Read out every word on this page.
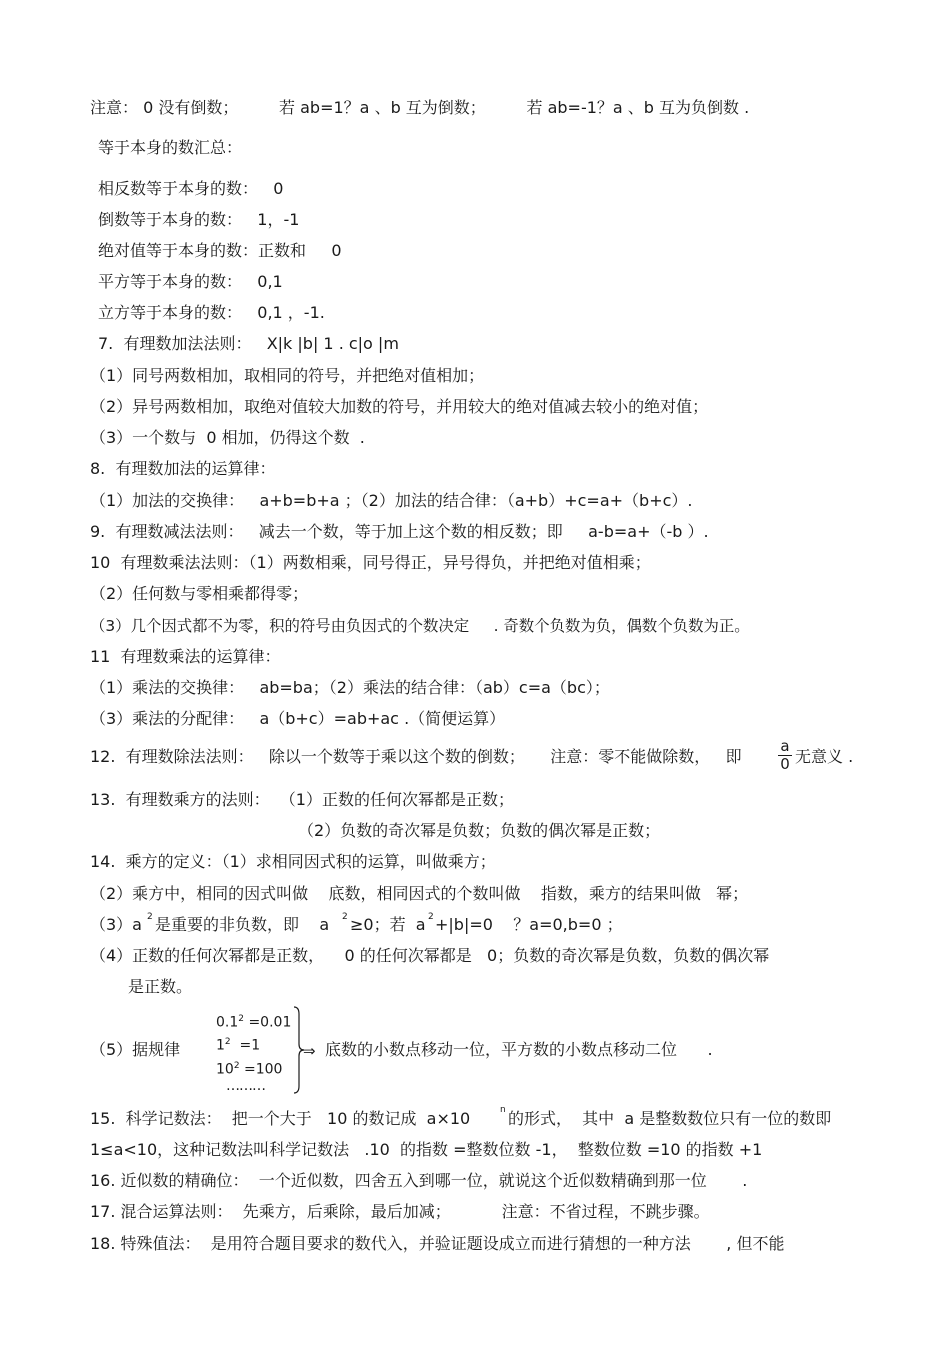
注意： 0 没有倒数；        若 ab=1？a 、b 互为倒数；        若 ab=-1？a 、b 互为负倒数 .
等于本身的数汇总：
相反数等于本身的数：   0
倒数等于本身的数：   1，-1
绝对值等于本身的数：正数和     0
平方等于本身的数：   0,1
立方等于本身的数：   0,1 ，-1.
7.  有理数加法法则：   X|k |b| 1 . c|o |m
（1）同号两数相加，取相同的符号，并把绝对值相加；
（2）异号两数相加，取绝对值较大加数的符号，并用较大的绝对值减去较小的绝对值；
（3）一个数与  0 相加，仍得这个数  .
8.  有理数加法的运算律：
（1）加法的交换律：   a+b=b+a ；（2）加法的结合律：（a+b）+c=a+（b+c）.
9.  有理数减法法则：   减去一个数，等于加上这个数的相反数；即     a-b=a+（-b ）.
10  有理数乘法法则：（1）两数相乘，同号得正，异号得负，并把绝对值相乘；
（2）任何数与零相乘都得零；
（3）几个因式都不为零，积的符号由负因式的个数决定     . 奇数个负数为负，偶数个负数为正。
11  有理数乘法的运算律：
（1）乘法的交换律：   ab=ba；（2）乘法的结合律：（ab）c=a（bc）；
（3）乘法的分配律：   a（b+c）=ab+ac .（简便运算）
12.  有理数除法法则：   除以一个数等于乘以这个数的倒数；     注意：零不能做除数，   即
a
0 无意义 .
13.  有理数乘方的法则：  （1）正数的任何次幂都是正数；
（2）负数的奇次幂是负数；负数的偶次幂是正数；
14.  乘方的定义：（1）求相同因式积的运算，叫做乘方；
（2）乘方中，相同的因式叫做    底数，相同因式的个数叫做    指数，乘方的结果叫做   幂；
（3）a 2 是重要的非负数，即    a 2 ≥0；若  a 2 +|b|=0    ？a=0,b=0 ；
（4）正数的任何次幂都是正数，    0 的任何次幂都是   0；负数的奇次幂是负数，负数的偶次幂
是正数。
（5）据规律
$0.1^2 =0.01$
$1^2 =1$
$10^2 =100$
………
⇒ 底数的小数点移动一位，平方数的小数点移动二位      .
15.  科学记数法：  把一个大于   10 的数记成  a×10	n 的形式，  其中  a 是整数数位只有一位的数即
1≤a<10，这种记数法叫科学记数法   .10  的指数 =整数位数 -1，  整数位数 =10 的指数 +1
16. 近似数的精确位：  一个近似数，四舍五入到哪一位，就说这个近似数精确到那一位       .
17. 混合运算法则：  先乘方，后乘除，最后加减；          注意：不省过程，不跳步骤。
18. 特殊值法：  是用符合题目要求的数代入，并验证题设成立而进行猜想的一种方法       , 但不能
